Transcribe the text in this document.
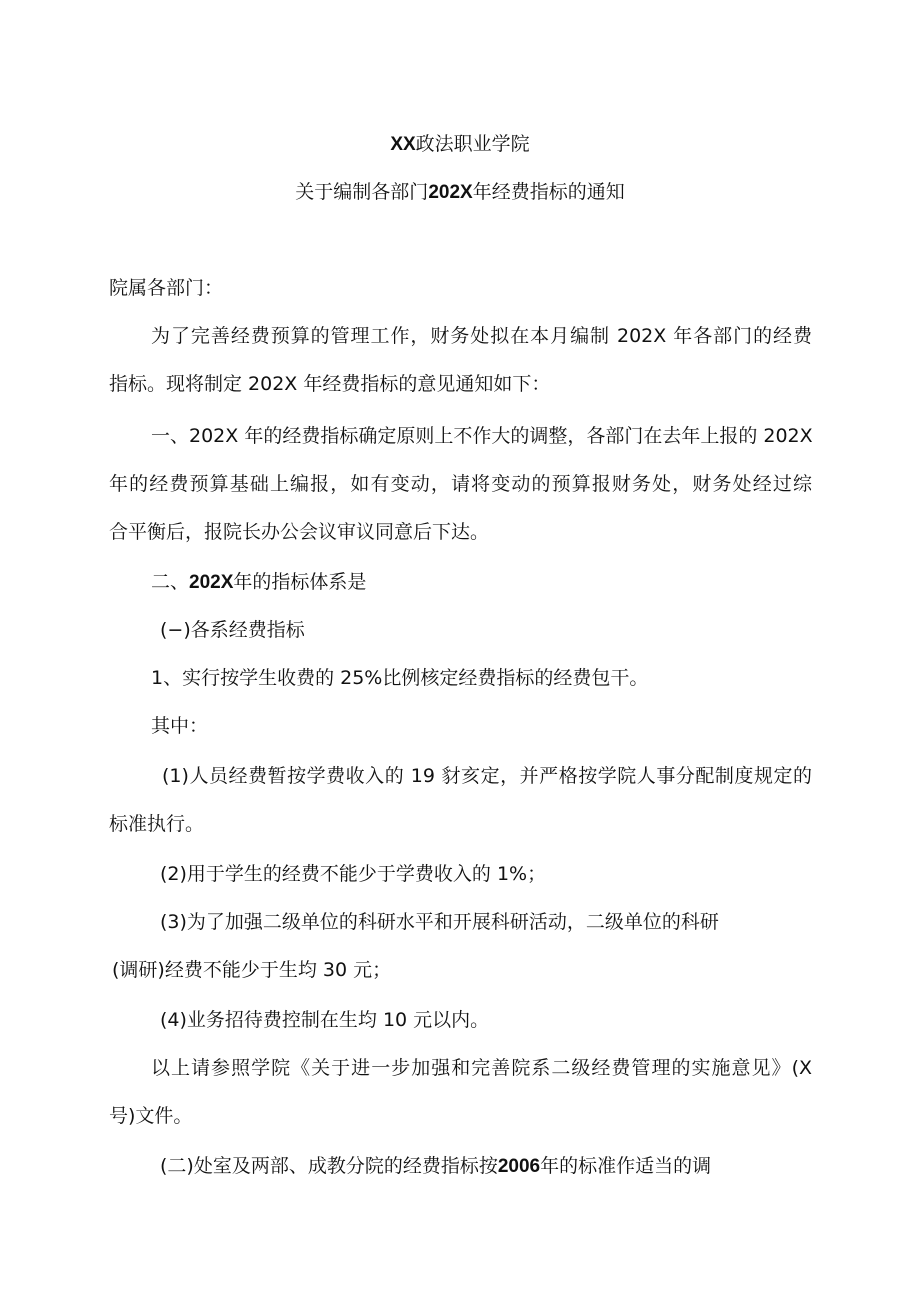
XX政法职业学院
关于编制各部门202X年经费指标的通知
院属各部门：
为了完善经费预算的管理工作，财务处拟在本月编制 202X 年各部门的经费
指标。现将制定 202X 年经费指标的意见通知如下：
一、202X 年的经费指标确定原则上不作大的调整，各部门在去年上报的 202X
年的经费预算基础上编报，如有变动，请将变动的预算报财务处，财务处经过综
合平衡后，报院长办公会议审议同意后下达。
二、202X年的指标体系是
(−)各系经费指标
1、实行按学生收费的 25%比例核定经费指标的经费包干。
其中：
(1)人员经费暂按学费收入的 19 豺亥定，并严格按学院人事分配制度规定的
标准执行。
(2)用于学生的经费不能少于学费收入的 1%；
(3)为了加强二级单位的科研水平和开展科研活动，二级单位的科研
(调研)经费不能少于生均 30 元；
(4)业务招待费控制在生均 10 元以内。
以上请参照学院《关于进一步加强和完善院系二级经费管理的实施意见》(X
号)文件。
(二)处室及两部、成教分院的经费指标按2006年的标准作适当的调
